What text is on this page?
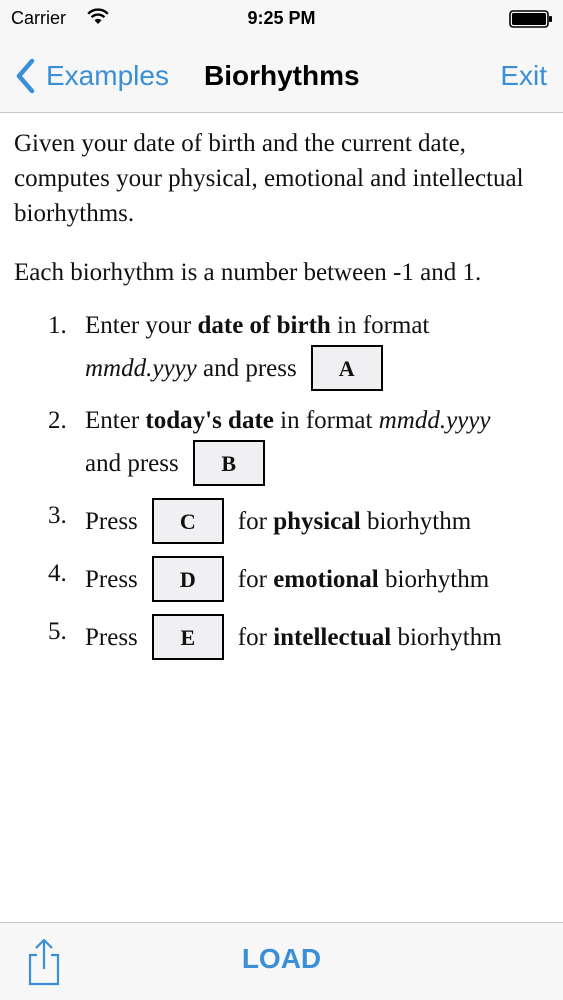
Carrier	9:25 PM
Examples Biorhythms	Exit

Given your date of birth and the current date, computes your physical, emotional and intellectual biorhythms.

Each biorhythm is a number between -1 and 1.

1. Enter your date of birth in format
mmdd.yyyy and press	A
2. Enter today's date in format mmdd.yyyy
and press	B
3. Press	C	for physical biorhythm
4. Press	D	for emotional biorhythm
5. Press	E	for intellectual biorhythm
LOAD
